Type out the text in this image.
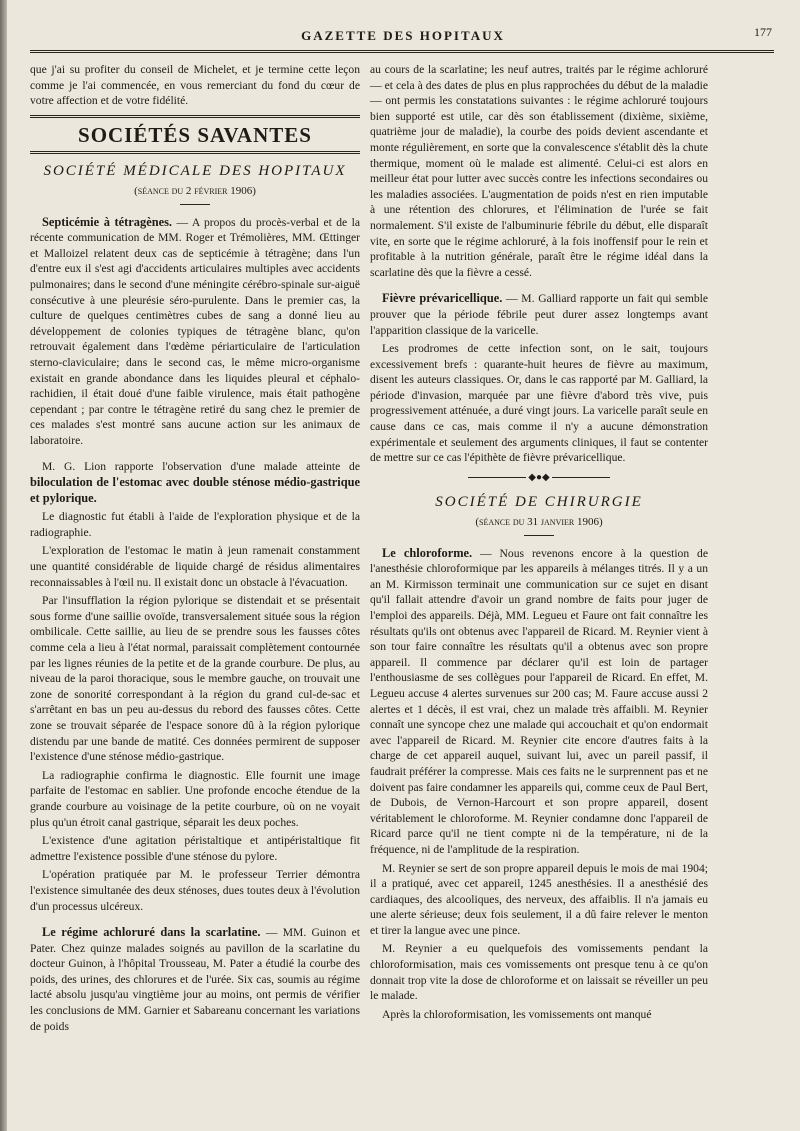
GAZETTE DES HOPITAUX	177

que j'ai su profiter du conseil de Michelet, et je termine cette leçon comme je l'ai commencée, en vous remerciant du fond du cœur de votre affection et de votre fidélité.

SOCIÉTÉS SAVANTES
SOCIÉTÉ MÉDICALE DES HOPITAUX
(séance du 2 février 1906)

Septicémie à tétragènes. — A propos du procès-verbal et de la récente communication de MM. Roger et Trémolières, MM. Œttinger et Malloizel relatent deux cas de septicémie à tétragène; dans l'un d'entre eux il s'est agi d'accidents articulaires multiples avec accidents pulmonaires; dans le second d'une méningite cérébro-spinale sur-aiguë consécutive à une pleurésie séro-purulente. Dans le premier cas, la culture de quelques centimètres cubes de sang a donné lieu au développement de colonies typiques de tétragène blanc, qu'on retrouvait également dans l'œdème périarticulaire de l'articulation sterno-claviculaire; dans le second cas, le même micro-organisme existait en grande abondance dans les liquides pleural et céphalo-rachidien, il était doué d'une faible virulence, mais était pathogène cependant ; par contre le tétragène retiré du sang chez le premier de ces malades s'est montré sans aucune action sur les animaux de laboratoire.

M. G. Lion rapporte l'observation d'une malade atteinte de biloculation de l'estomac avec double sténose médio-gastrique et pylorique.

Le diagnostic fut établi à l'aide de l'exploration physique et de la radiographie.

L'exploration de l'estomac le matin à jeun ramenait constamment une quantité considérable de liquide chargé de résidus alimentaires reconnaissables à l'œil nu. Il existait donc un obstacle à l'évacuation.

Par l'insufflation la région pylorique se distendait et se présentait sous forme d'une saillie ovoïde, transversalement située sous la région ombilicale. Cette saillie, au lieu de se prendre sous les fausses côtes comme cela a lieu à l'état normal, paraissait complètement contournée par les lignes réunies de la petite et de la grande courbure. De plus, au niveau de la paroi thoracique, sous le membre gauche, on trouvait une zone de sonorité correspondant à la région du grand cul-de-sac et s'arrêtant en bas un peu au-dessus du rebord des fausses côtes. Cette zone se trouvait séparée de l'espace sonore dû à la région pylorique distendu par une bande de matité. Ces données permirent de supposer l'existence d'une sténose médio-gastrique.

La radiographie confirma le diagnostic. Elle fournit une image parfaite de l'estomac en sablier. Une profonde encoche étendue de la grande courbure au voisinage de la petite courbure, où on ne voyait plus qu'un étroit canal gastrique, séparait les deux poches.

L'existence d'une agitation péristaltique et antipéristaltique fit admettre l'existence possible d'une sténose du pylore.

L'opération pratiquée par M. le professeur Terrier démontra l'existence simultanée des deux sténoses, dues toutes deux à l'évolution d'un processus ulcéreux.

Le régime achloruré dans la scarlatine. — MM. Guinon et Pater. Chez quinze malades soignés au pavillon de la scarlatine du docteur Guinon, à l'hôpital Trousseau, M. Pater a étudié la courbe des poids, des urines, des chlorures et de l'urée. Six cas, soumis au régime lacté absolu jusqu'au vingtième jour au moins, ont permis de vérifier les conclusions de MM. Garnier et Sabareanu concernant les variations de poids

au cours de la scarlatine; les neuf autres, traités par le régime achloruré — et cela à des dates de plus en plus rapprochées du début de la maladie — ont permis les constatations suivantes : le régime achloruré toujours bien supporté est utile, car dès son établissement (dixième, sixième, quatrième jour de maladie), la courbe des poids devient ascendante et monte régulièrement, en sorte que la convalescence s'établit dès la chute thermique, moment où le malade est alimenté. Celui-ci est alors en meilleur état pour lutter avec succès contre les infections secondaires ou les maladies associées. L'augmentation de poids n'est en rien imputable à une rétention des chlorures, et l'élimination de l'urée se fait normalement. S'il existe de l'albuminurie fébrile du début, elle disparaît vite, en sorte que le régime achloruré, à la fois inoffensif pour le rein et profitable à la nutrition générale, paraît être le régime idéal dans la scarlatine dès que la fièvre a cessé.

Fièvre prévaricellique. — M. Galliard rapporte un fait qui semble prouver que la période fébrile peut durer assez longtemps avant l'apparition classique de la varicelle.

Les prodromes de cette infection sont, on le sait, toujours excessivement brefs : quarante-huit heures de fièvre au maximum, disent les auteurs classiques. Or, dans le cas rapporté par M. Galliard, la période d'invasion, marquée par une fièvre d'abord très vive, puis progressivement atténuée, a duré vingt jours. La varicelle paraît seule en cause dans ce cas, mais comme il n'y a aucune démonstration expérimentale et seulement des arguments cliniques, il faut se contenter de mettre sur ce cas l'épithète de fièvre prévaricellique.

◆●◆
SOCIÉTÉ DE CHIRURGIE
(séance du 31 janvier 1906)

Le chloroforme. — Nous revenons encore à la question de l'anesthésie chloroformique par les appareils à mélanges titrés. Il y a un an M. Kirmisson terminait une communication sur ce sujet en disant qu'il fallait attendre d'avoir un grand nombre de faits pour juger de l'emploi des appareils. Déjà, MM. Legueu et Faure ont fait connaître les résultats qu'ils ont obtenus avec l'appareil de Ricard. M. Reynier vient à son tour faire connaître les résultats qu'il a obtenus avec son propre appareil. Il commence par déclarer qu'il est loin de partager l'enthousiasme de ses collègues pour l'appareil de Ricard. En effet, M. Legueu accuse 4 alertes survenues sur 200 cas; M. Faure accuse aussi 2 alertes et 1 décès, il est vrai, chez un malade très affaibli. M. Reynier connaît une syncope chez une malade qui accouchait et qu'on endormait avec l'appareil de Ricard. M. Reynier cite encore d'autres faits à la charge de cet appareil auquel, suivant lui, avec un pareil passif, il faudrait préférer la compresse. Mais ces faits ne le surprennent pas et ne doivent pas faire condamner les appareils qui, comme ceux de Paul Bert, de Dubois, de Vernon-Harcourt et son propre appareil, dosent véritablement le chloroforme. M. Reynier condamne donc l'appareil de Ricard parce qu'il ne tient compte ni de la température, ni de la fréquence, ni de l'amplitude de la respiration.

M. Reynier se sert de son propre appareil depuis le mois de mai 1904; il a pratiqué, avec cet appareil, 1245 anesthésies. Il a anesthésié des cardiaques, des alcooliques, des nerveux, des affaiblis. Il n'a jamais eu une alerte sérieuse; deux fois seulement, il a dû faire relever le menton et tirer la langue avec une pince.

M. Reynier a eu quelquefois des vomissements pendant la chloroformisation, mais ces vomissements ont presque tenu à ce qu'on donnait trop vite la dose de chloroforme et on laissait se réveiller un peu le malade.

Après la chloroformisation, les vomissements ont manqué
